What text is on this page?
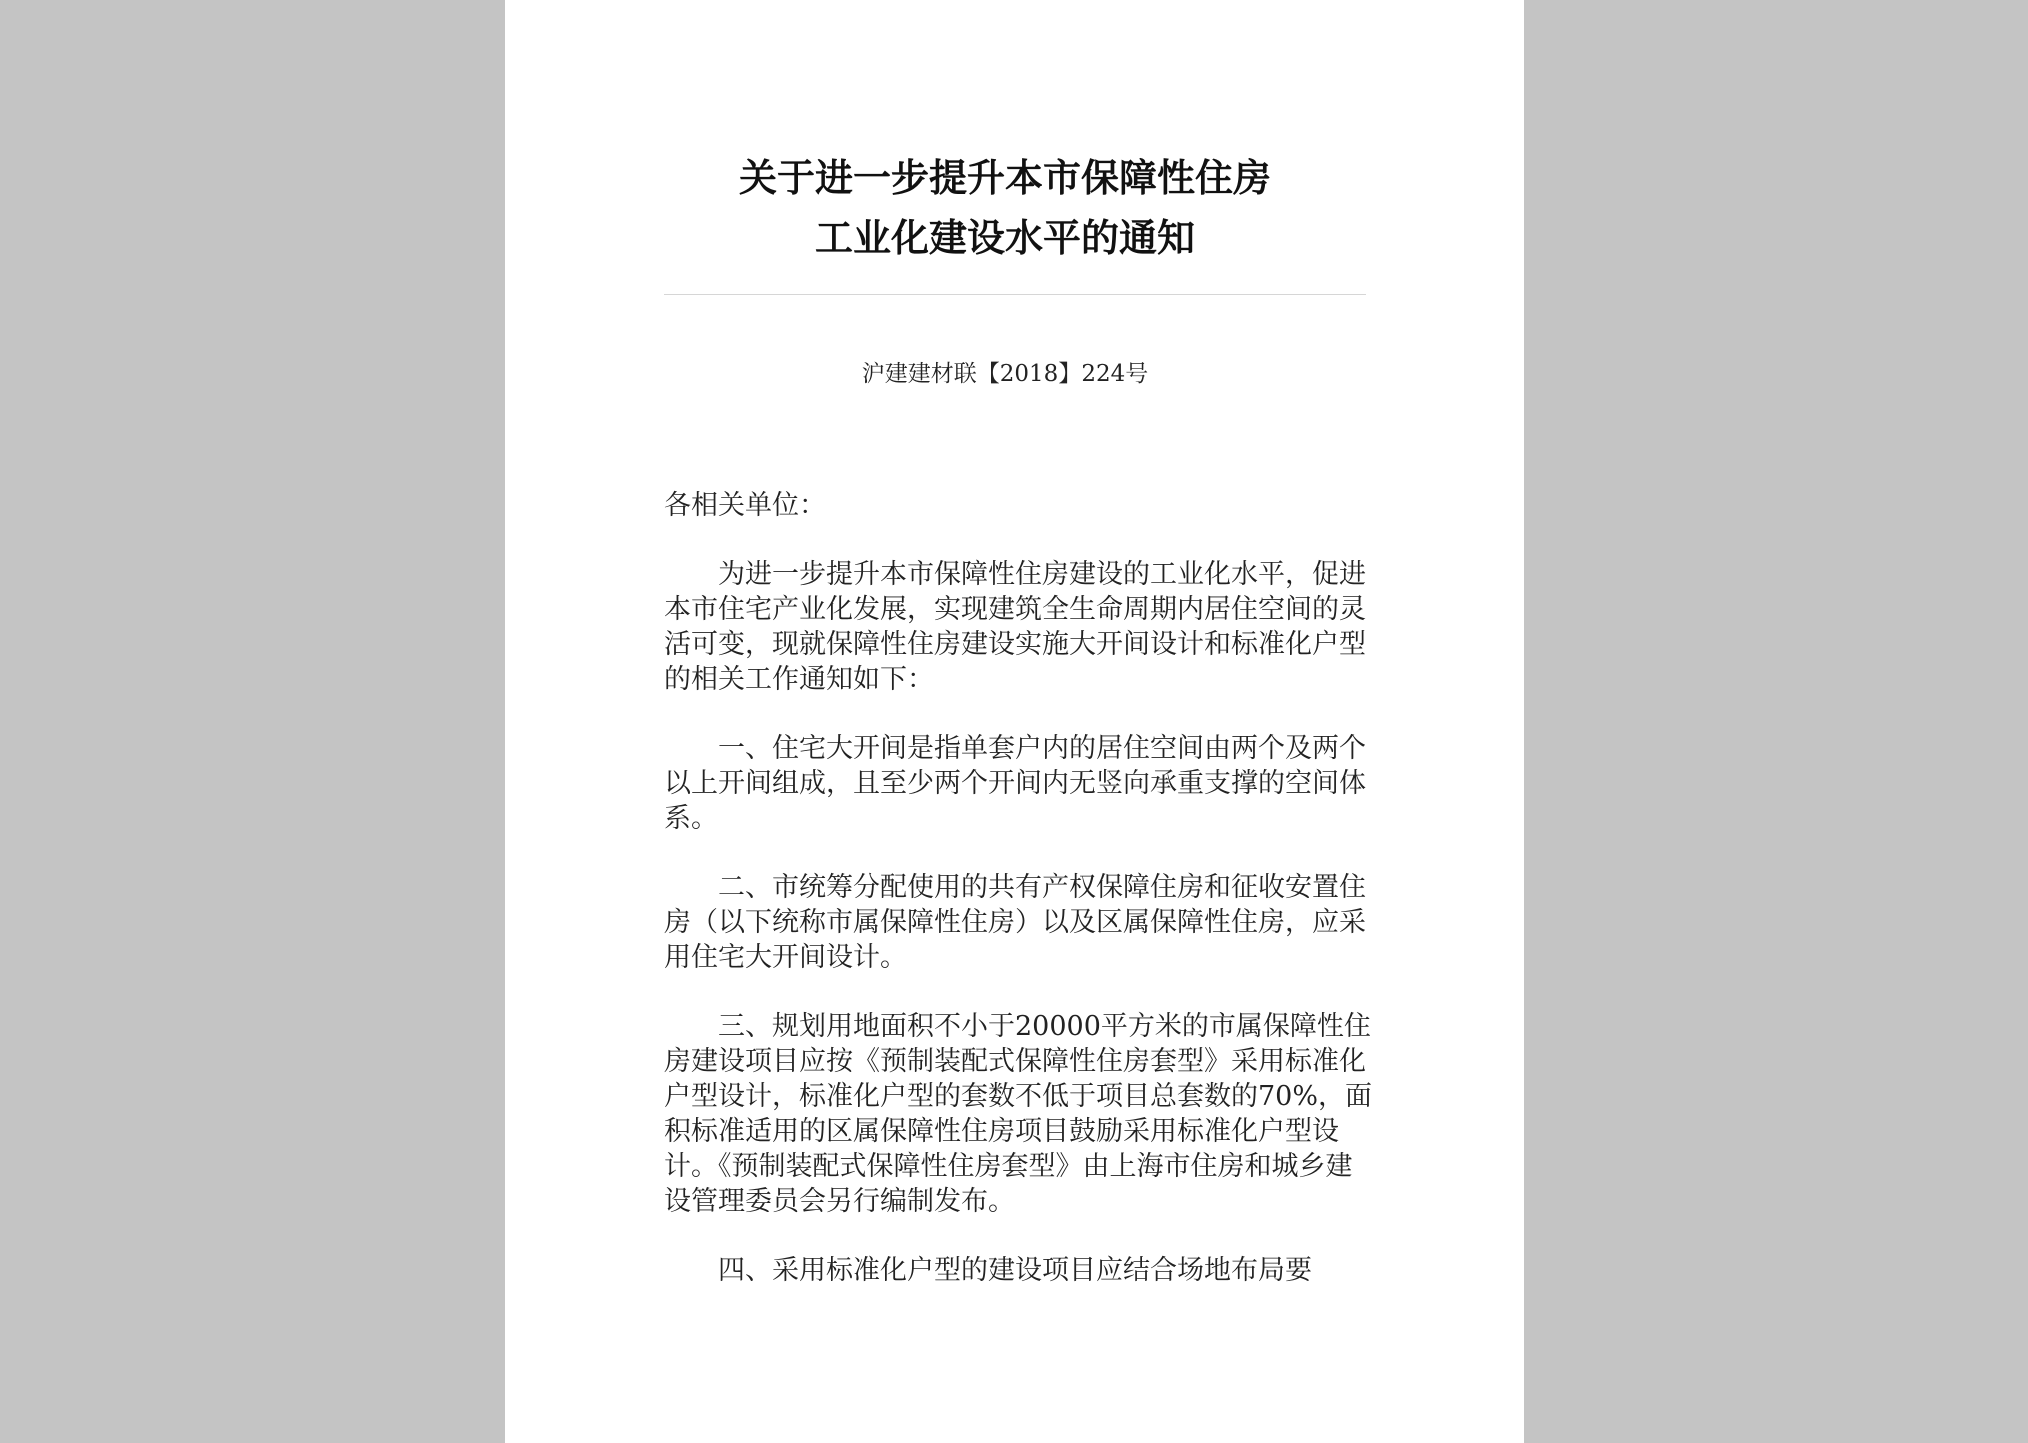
关于进一步提升本市保障性住房
工业化建设水平的通知
沪建建材联【2018】224号

各相关单位：

为进一步提升本市保障性住房建设的工业化水平，促进本市住宅产业化发展，实现建筑全生命周期内居住空间的灵活可变，现就保障性住房建设实施大开间设计和标准化户型的相关工作通知如下：

一、住宅大开间是指单套户内的居住空间由两个及两个以上开间组成，且至少两个开间内无竖向承重支撑的空间体系。

二、市统筹分配使用的共有产权保障住房和征收安置住房（以下统称市属保障性住房）以及区属保障性住房，应采用住宅大开间设计。

三、规划用地面积不小于20000平方米的市属保障性住房建设项目应按《预制装配式保障性住房套型》采用标准化户型设计，标准化户型的套数不低于项目总套数的70%，面积标准适用的区属保障性住房项目鼓励采用标准化户型设计。《预制装配式保障性住房套型》由上海市住房和城乡建设管理委员会另行编制发布。

四、采用标准化户型的建设项目应结合场地布局要
